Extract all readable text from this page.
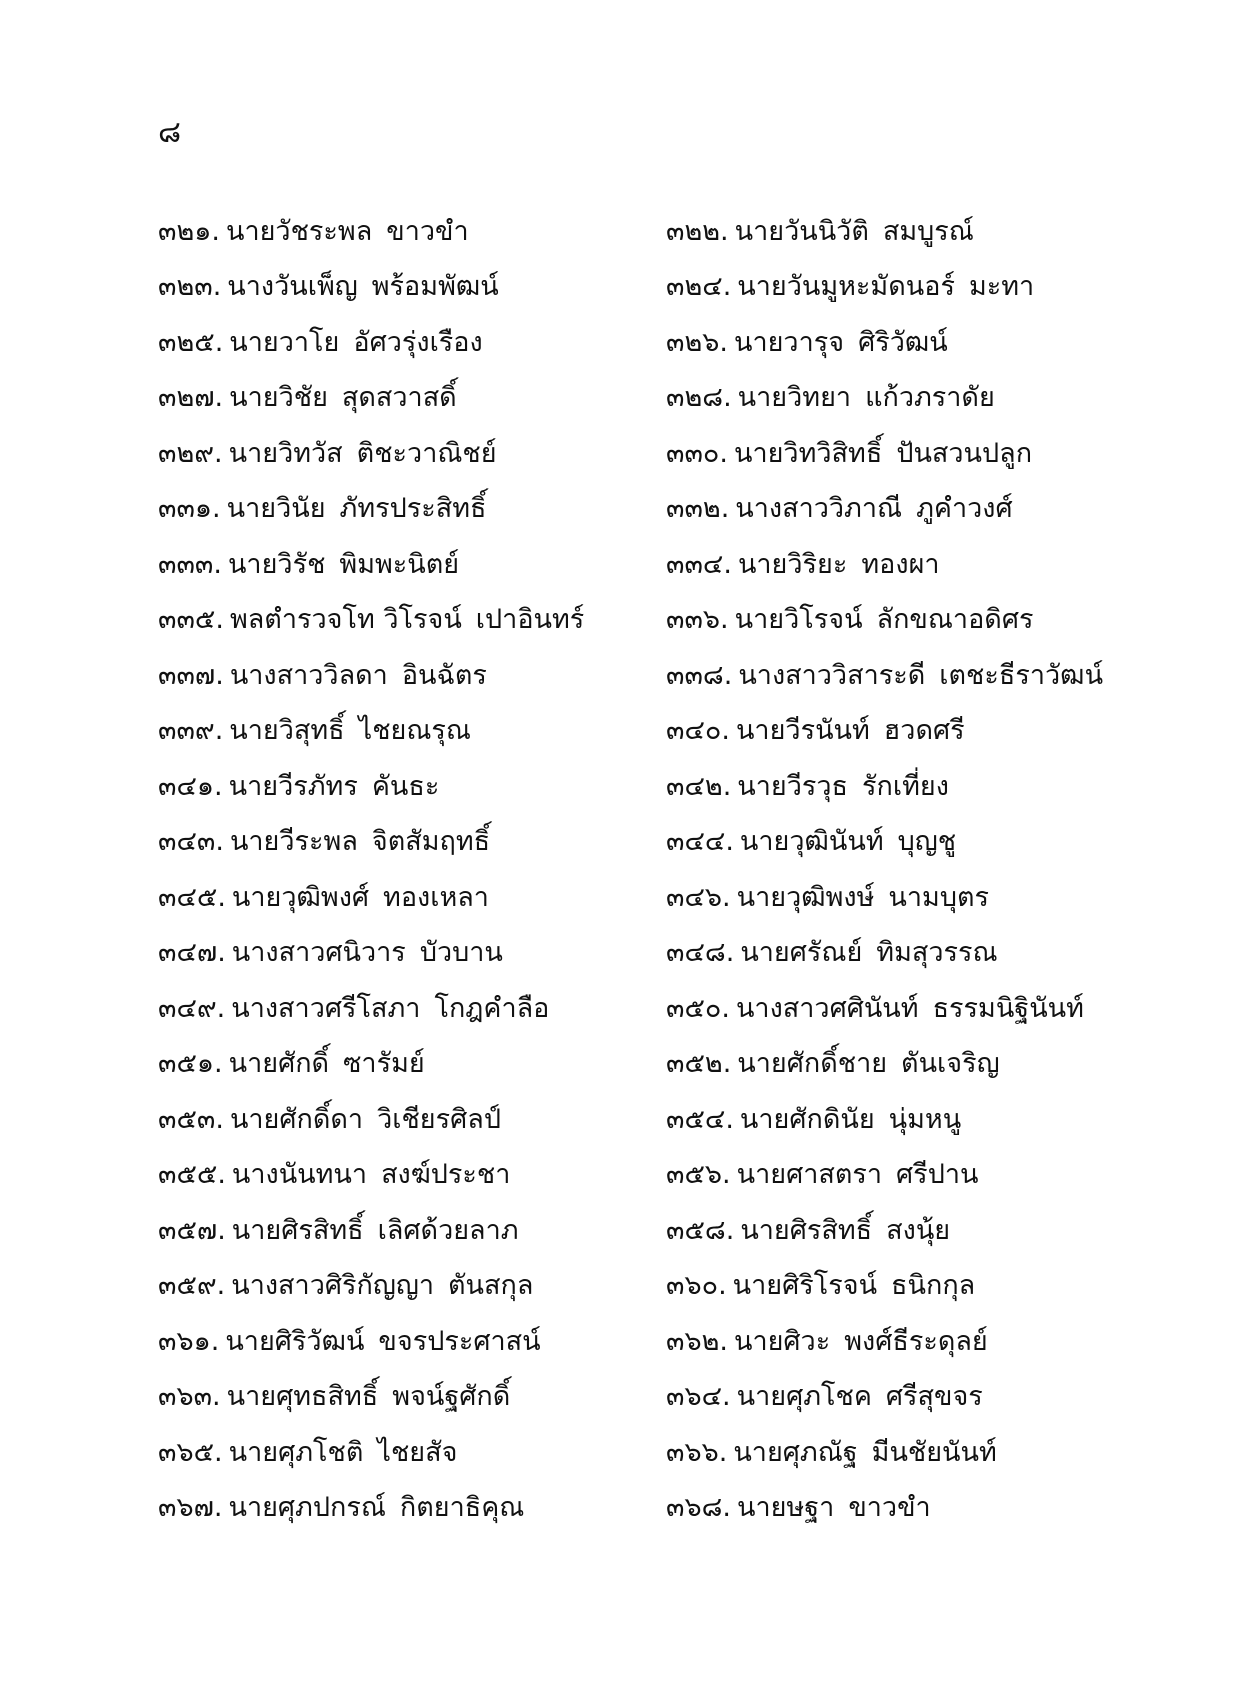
๘
๓๒๑. นายวัชระพล ขาวขำ	๓๒๒. นายวันนิวัติ สมบูรณ์
๓๒๓. นางวันเพ็ญ พร้อมพัฒน์	๓๒๔. นายวันมูหะมัดนอร์ มะทา
๓๒๕. นายวาโย อัศวรุ่งเรือง	๓๒๖. นายวารุจ ศิริวัฒน์
๓๒๗. นายวิชัย สุดสวาสดิ์	๓๒๘. นายวิทยา แก้วภราดัย
๓๒๙. นายวิทวัส ติชะวาณิชย์	๓๓๐. นายวิทวิสิทธิ์ ปันสวนปลูก
๓๓๑. นายวินัย ภัทรประสิทธิ์	๓๓๒. นางสาววิภาณี ภูคำวงศ์
๓๓๓. นายวิรัช พิมพะนิตย์	๓๓๔. นายวิริยะ ทองผา
๓๓๕. พลตำรวจโท วิโรจน์ เปาอินทร์	๓๓๖. นายวิโรจน์ ลักขณาอดิศร
๓๓๗. นางสาววิลดา อินฉัตร	๓๓๘. นางสาววิสาระดี เตชะธีราวัฒน์
๓๓๙. นายวิสุทธิ์ ไชยณรุณ	๓๔๐. นายวีรนันท์ ฮวดศรี
๓๔๑. นายวีรภัทร คันธะ	๓๔๒. นายวีรวุธ รักเที่ยง
๓๔๓. นายวีระพล จิตสัมฤทธิ์	๓๔๔. นายวุฒินันท์ บุญชู
๓๔๕. นายวุฒิพงศ์ ทองเหลา	๓๔๖. นายวุฒิพงษ์ นามบุตร
๓๔๗. นางสาวศนิวาร บัวบาน	๓๔๘. นายศรัณย์ ทิมสุวรรณ
๓๔๙. นางสาวศรีโสภา โกฎคำลือ	๓๕๐. นางสาวศศินันท์ ธรรมนิฐินันท์
๓๕๑. นายศักดิ์ ซารัมย์	๓๕๒. นายศักดิ์ชาย ตันเจริญ
๓๕๓. นายศักดิ์ดา วิเชียรศิลป์	๓๕๔. นายศักดินัย นุ่มหนู
๓๕๕. นางนันทนา สงฆ์ประชา	๓๕๖. นายศาสตรา ศรีปาน
๓๕๗. นายศิรสิทธิ์ เลิศด้วยลาภ	๓๕๘. นายศิรสิทธิ์ สงนุ้ย
๓๕๙. นางสาวศิริกัญญา ตันสกุล	๓๖๐. นายศิริโรจน์ ธนิกกุล
๓๖๑. นายศิริวัฒน์ ขจรประศาสน์	๓๖๒. นายศิวะ พงศ์ธีระดุลย์
๓๖๓. นายศุทธสิทธิ์ พจน์ฐศักดิ์	๓๖๔. นายศุภโชค ศรีสุขจร
๓๖๕. นายศุภโชติ ไชยสัจ	๓๖๖. นายศุภณัฐ มีนชัยนันท์
๓๖๗. นายศุภปกรณ์ กิตยาธิคุณ	๓๖๘. นายษฐา ขาวขำ
